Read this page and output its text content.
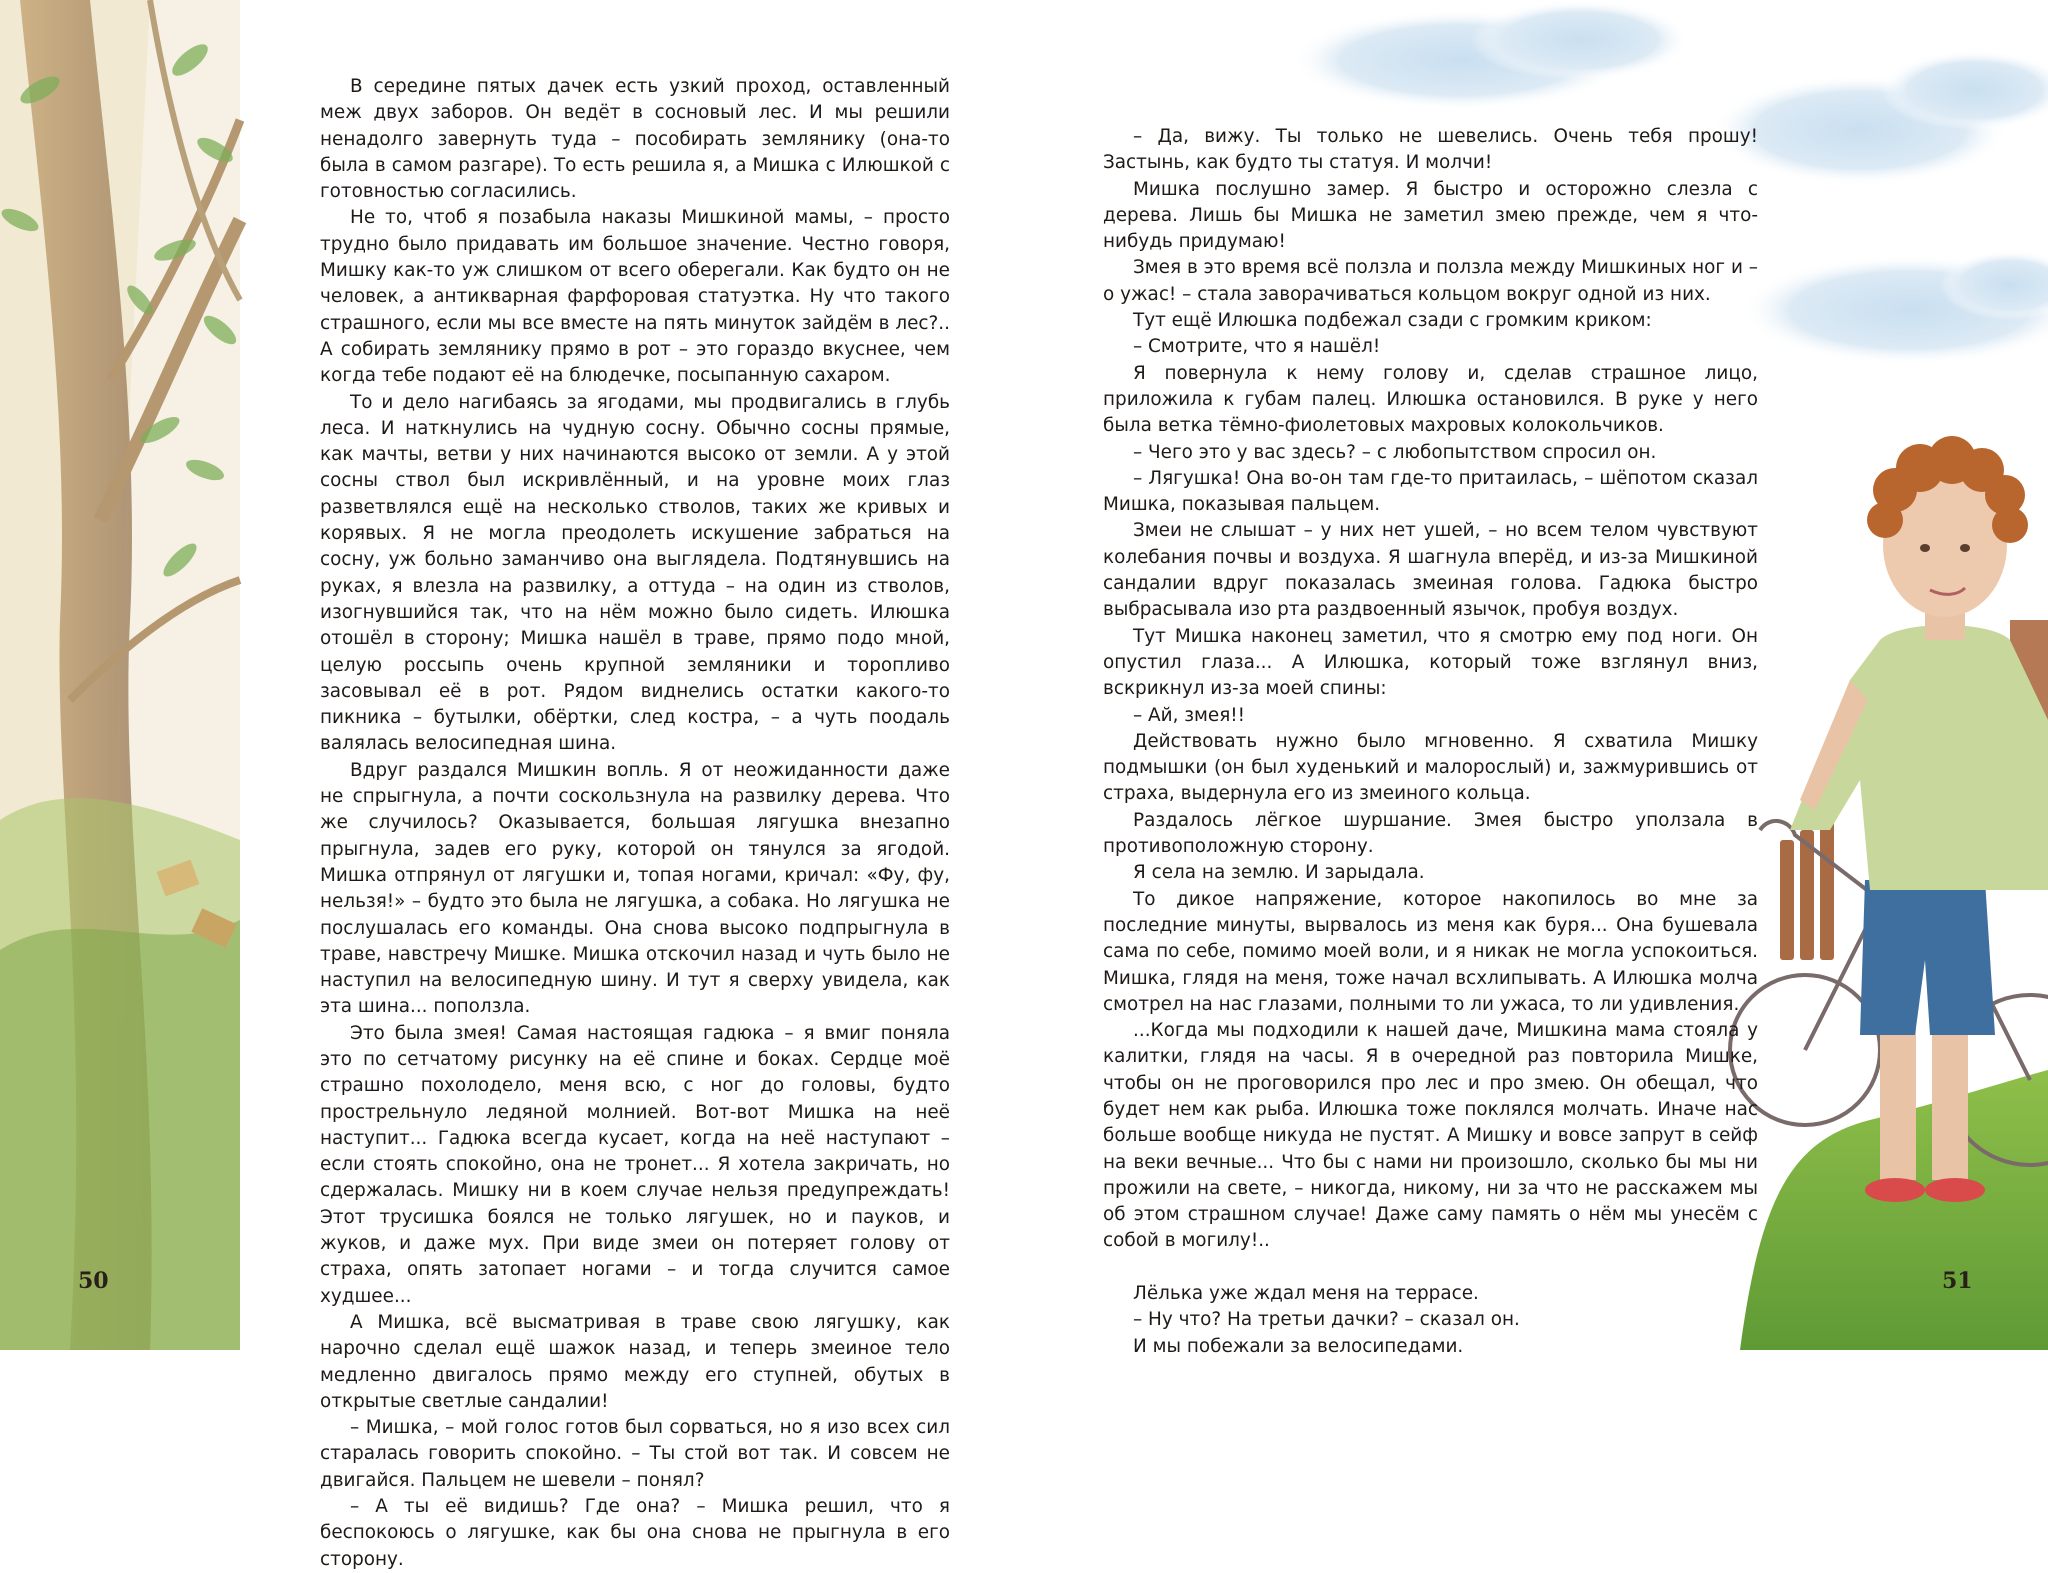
В середине пятых дачек есть узкий проход, оставленный меж двух заборов. Он ведёт в сосновый лес. И мы решили ненадолго завернуть туда – пособирать землянику (она-то была в самом разгаре). То есть решила я, а Мишка с Илюшкой с готовностью согласились.

Не то, чтоб я позабыла наказы Мишкиной мамы, – просто трудно было придавать им большое значение. Честно говоря, Мишку как-то уж слишком от всего оберегали. Как будто он не человек, а антикварная фарфоровая статуэтка. Ну что такого страшного, если мы все вместе на пять минуток зайдём в лес?.. А собирать землянику прямо в рот – это гораздо вкуснее, чем когда тебе подают её на блюдечке, посыпанную сахаром.

То и дело нагибаясь за ягодами, мы продвигались в глубь леса. И наткнулись на чудную сосну. Обычно сосны прямые, как мачты, ветви у них начинаются высоко от земли. А у этой сосны ствол был искривлённый, и на уровне моих глаз разветвлялся ещё на несколько стволов, таких же кривых и корявых. Я не могла преодолеть искушение забраться на сосну, уж больно заманчиво она выглядела. Подтянувшись на руках, я влезла на развилку, а оттуда – на один из стволов, изогнувшийся так, что на нём можно было сидеть. Илюшка отошёл в сторону; Мишка нашёл в траве, прямо подо мной, целую россыпь очень крупной земляники и торопливо засовывал её в рот. Рядом виднелись остатки какого-то пикника – бутылки, обёртки, след костра, – а чуть поодаль валялась велосипедная шина.

Вдруг раздался Мишкин вопль. Я от неожиданности даже не спрыгнула, а почти соскользнула на развилку дерева. Что же случилось? Оказывается, большая лягушка внезапно прыгнула, задев его руку, которой он тянулся за ягодой. Мишка отпрянул от лягушки и, топая ногами, кричал: «Фу, фу, нельзя!» – будто это была не лягушка, а собака. Но лягушка не послушалась его команды. Она снова высоко подпрыгнула в траве, навстречу Мишке. Мишка отскочил назад и чуть было не наступил на велосипедную шину. И тут я сверху увидела, как эта шина... поползла.

Это была змея! Самая настоящая гадюка – я вмиг поняла это по сетчатому рисунку на её спине и боках. Сердце моё страшно похолодело, меня всю, с ног до головы, будто прострельнуло ледяной молнией. Вот-вот Мишка на неё наступит... Гадюка всегда кусает, когда на неё наступают – если стоять спокойно, она не тронет... Я хотела закричать, но сдержалась. Мишку ни в коем случае нельзя предупреждать! Этот трусишка боялся не только лягушек, но и пауков, и жуков, и даже мух. При виде змеи он потеряет голову от страха, опять затопает ногами – и тогда случится самое худшее...

А Мишка, всё высматривая в траве свою лягушку, как нарочно сделал ещё шажок назад, и теперь змеиное тело медленно двигалось прямо между его ступней, обутых в открытые светлые сандалии!

– Мишка, – мой голос готов был сорваться, но я изо всех сил старалась говорить спокойно. – Ты стой вот так. И совсем не двигайся. Пальцем не шевели – понял?

– А ты её видишь? Где она? – Мишка решил, что я беспокоюсь о лягушке, как бы она снова не прыгнула в его сторону.

– Да, вижу. Ты только не шевелись. Очень тебя прошу! Застынь, как будто ты статуя. И молчи!

Мишка послушно замер. Я быстро и осторожно слезла с дерева. Лишь бы Мишка не заметил змею прежде, чем я что-нибудь придумаю!

Змея в это время всё ползла и ползла между Мишкиных ног и – о ужас! – стала заворачиваться кольцом вокруг одной из них.

Тут ещё Илюшка подбежал сзади с громким криком:

– Смотрите, что я нашёл!

Я повернула к нему голову и, сделав страшное лицо, приложила к губам палец. Илюшка остановился. В руке у него была ветка тёмно-фиолетовых махровых колокольчиков.

– Чего это у вас здесь? – с любопытством спросил он.

– Лягушка! Она во-он там где-то притаилась, – шёпотом сказал Мишка, показывая пальцем.

Змеи не слышат – у них нет ушей, – но всем телом чувствуют колебания почвы и воздуха. Я шагнула вперёд, и из-за Мишкиной сандалии вдруг показалась змеиная голова. Гадюка быстро выбрасывала изо рта раздвоенный язычок, пробуя воздух.

Тут Мишка наконец заметил, что я смотрю ему под ноги. Он опустил глаза... А Илюшка, который тоже взглянул вниз, вскрикнул из-за моей спины:

– Ай, змея!!

Действовать нужно было мгновенно. Я схватила Мишку подмышки (он был худенький и малорослый) и, зажмурившись от страха, выдернула его из змеиного кольца.

Раздалось лёгкое шуршание. Змея быстро уползала в противоположную сторону.

Я села на землю. И зарыдала.

То дикое напряжение, которое накопилось во мне за последние минуты, вырвалось из меня как буря... Она бушевала сама по себе, помимо моей воли, и я никак не могла успокоиться. Мишка, глядя на меня, тоже начал всхлипывать. А Илюшка молча смотрел на нас глазами, полными то ли ужаса, то ли удивления.

...Когда мы подходили к нашей даче, Мишкина мама стояла у калитки, глядя на часы. Я в очередной раз повторила Мишке, чтобы он не проговорился про лес и про змею. Он обещал, что будет нем как рыба. Илюшка тоже поклялся молчать. Иначе нас больше вообще никуда не пустят. А Мишку и вовсе запрут в сейф на веки вечные... Что бы с нами ни произошло, сколько бы мы ни прожили на свете, – никогда, никому, ни за что не расскажем мы об этом страшном случае! Даже саму память о нём мы унесём с собой в могилу!..

Лёлька уже ждал меня на террасе.

– Ну что? На третьи дачки? – сказал он.

И мы побежали за велосипедами.

50	51
